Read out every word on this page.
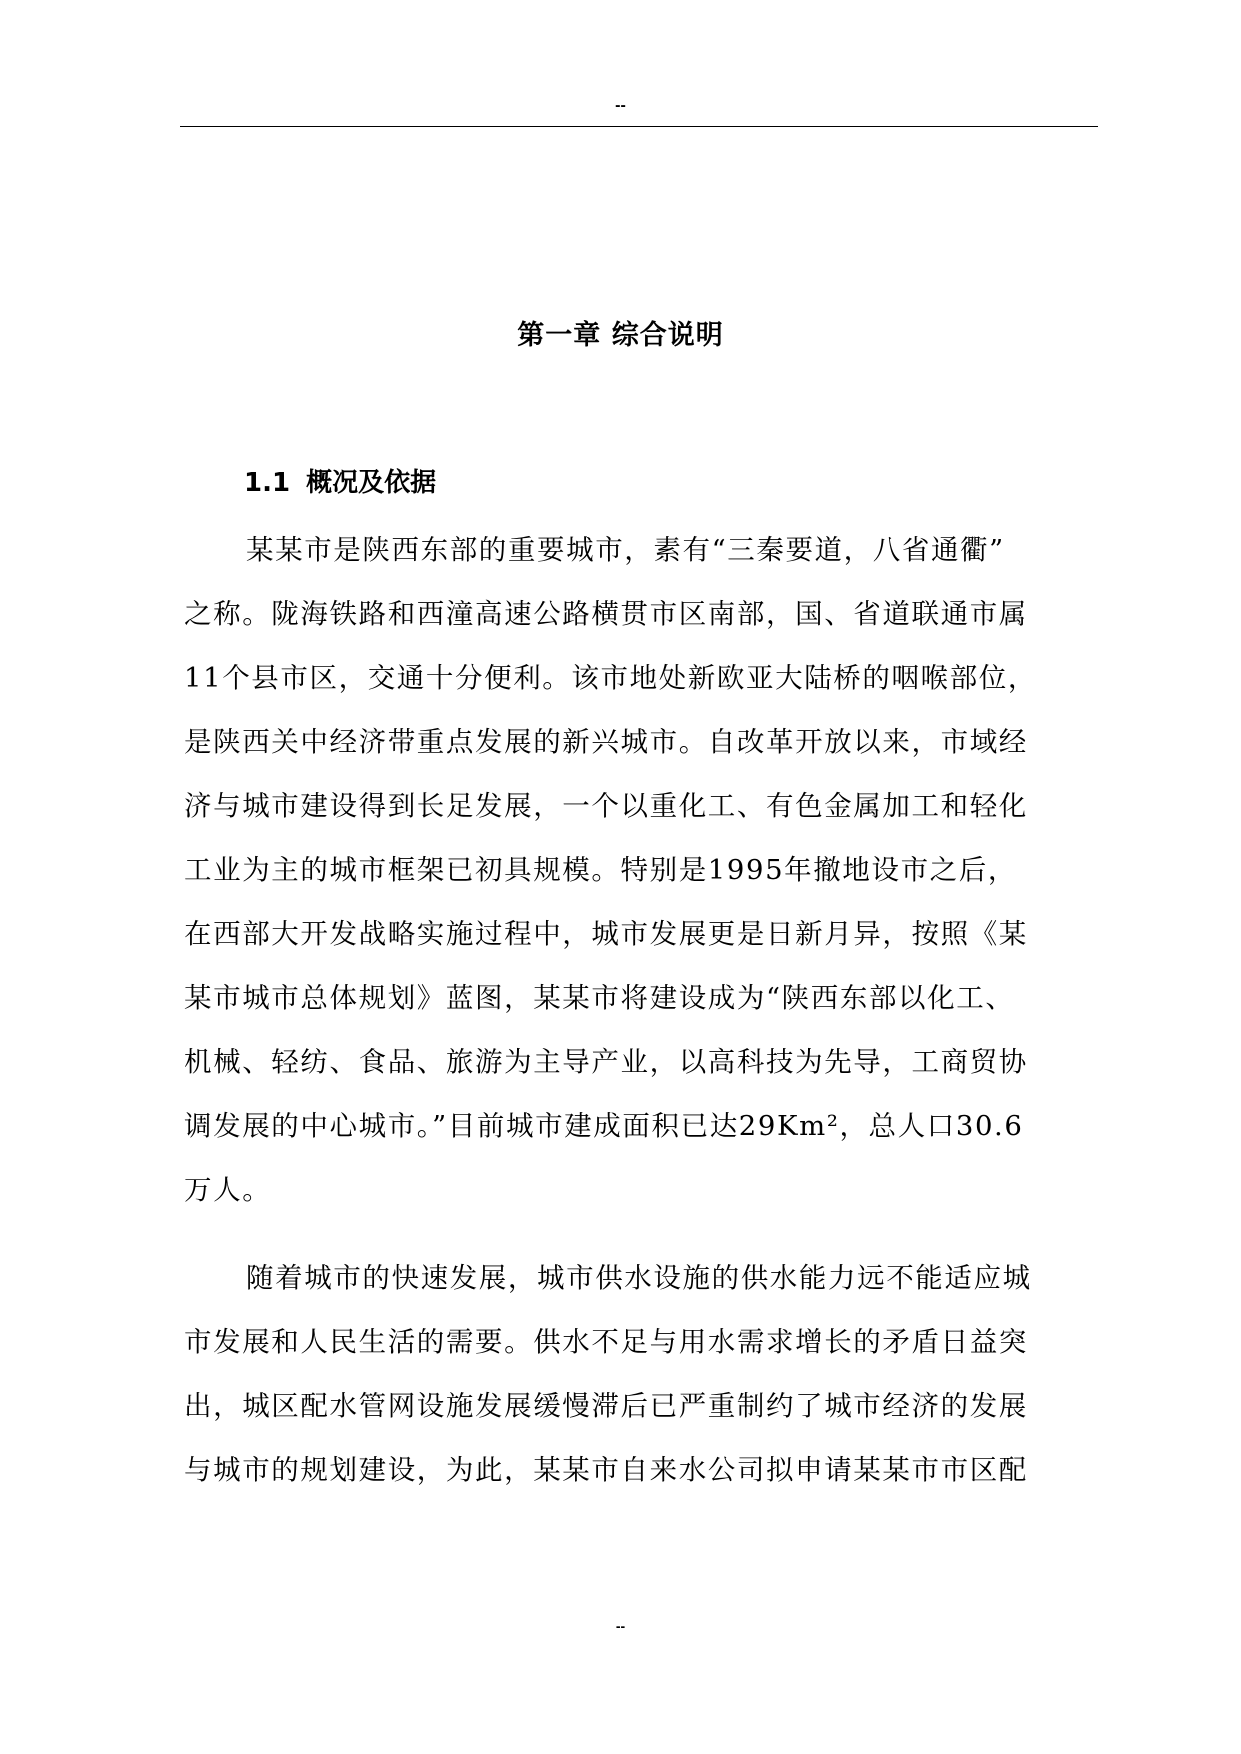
--
第一章 综合说明
1.1 概况及依据
某某市是陕西东部的重要城市，素有“三秦要道，八省通衢”
之称。陇海铁路和西潼高速公路横贯市区南部，国、省道联通市属
11个县市区，交通十分便利。该市地处新欧亚大陆桥的咽喉部位，
是陕西关中经济带重点发展的新兴城市。自改革开放以来，市域经
济与城市建设得到长足发展，一个以重化工、有色金属加工和轻化
工业为主的城市框架已初具规模。特别是1995年撤地设市之后，
在西部大开发战略实施过程中，城市发展更是日新月异，按照《某
某市城市总体规划》蓝图，某某市将建设成为“陕西东部以化工、
机械、轻纺、食品、旅游为主导产业，以高科技为先导，工商贸协
调发展的中心城市。”目前城市建成面积已达29Km²，总人口30.6
万人。
随着城市的快速发展，城市供水设施的供水能力远不能适应城
市发展和人民生活的需要。供水不足与用水需求增长的矛盾日益突
出，城区配水管网设施发展缓慢滞后已严重制约了城市经济的发展
与城市的规划建设，为此，某某市自来水公司拟申请某某市市区配
--
